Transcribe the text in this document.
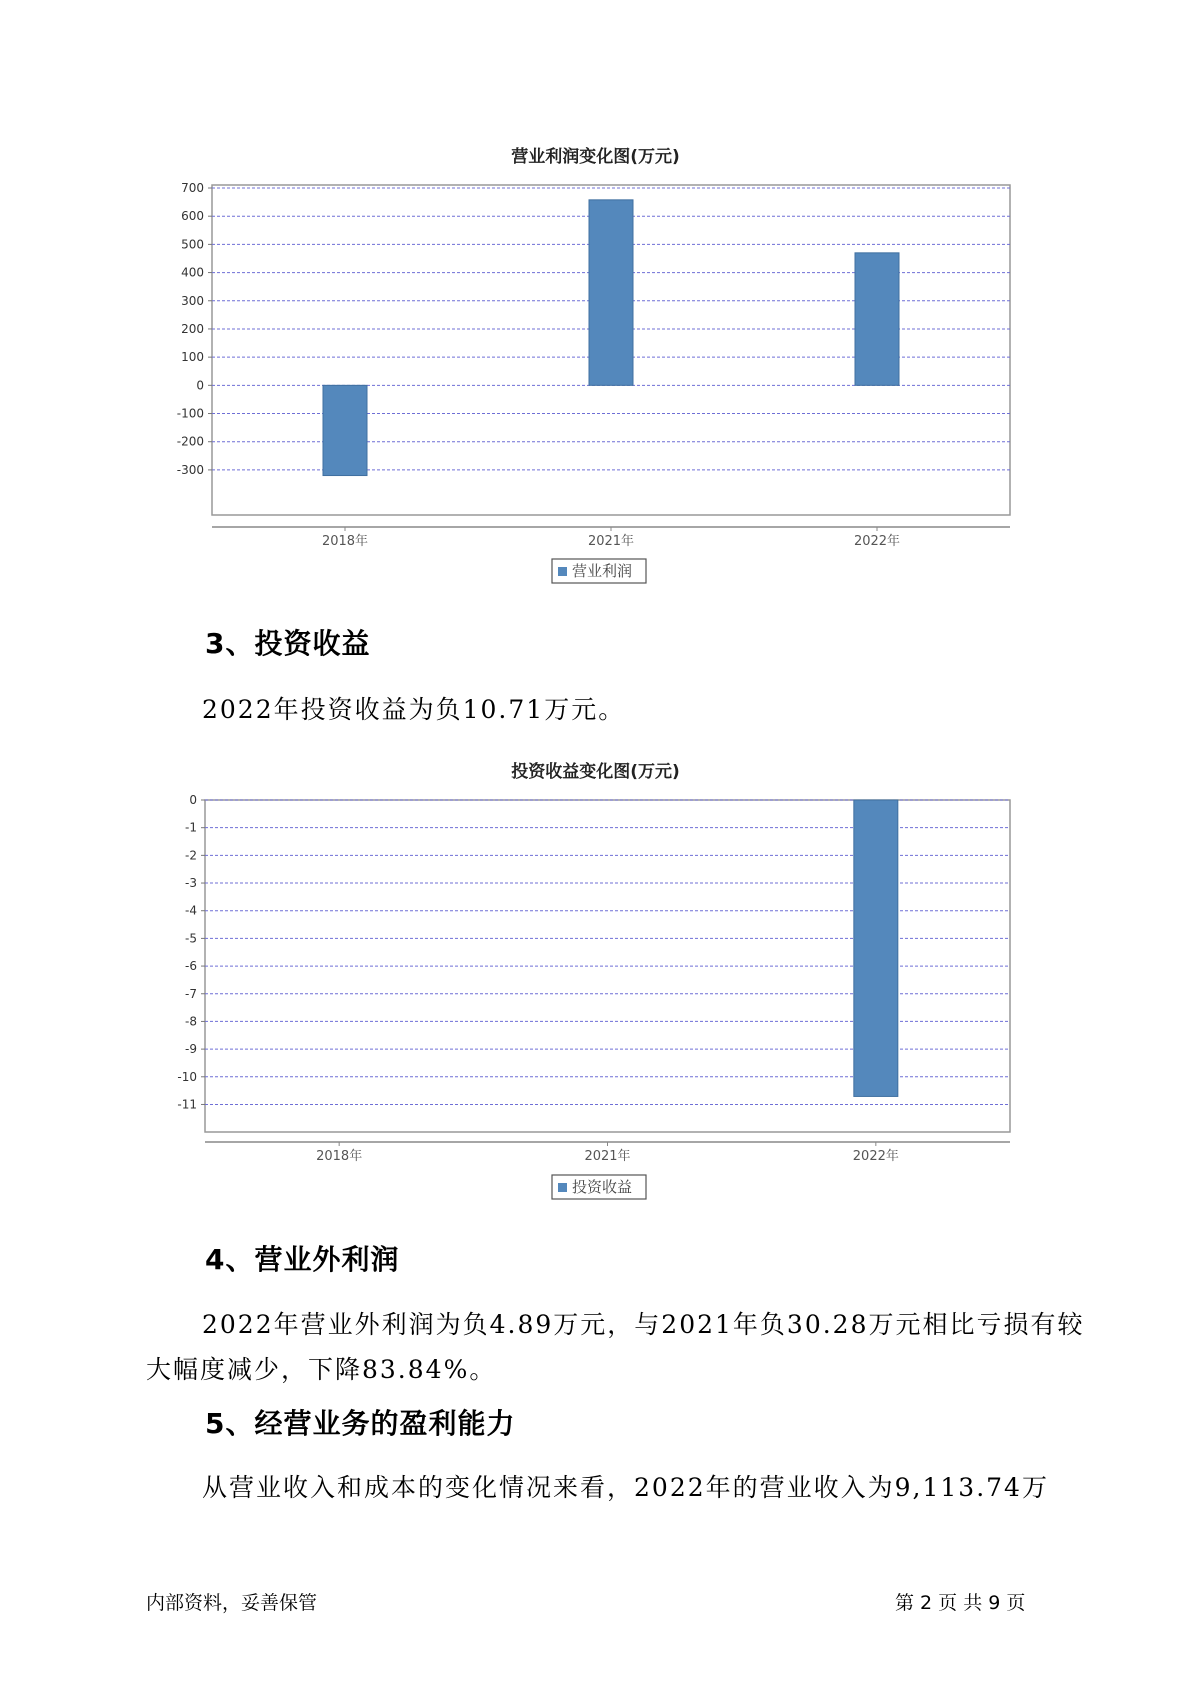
营业利润变化图(万元)
700
600
500
400
300
200
100
0
-100
-200
-300
2018年	2021年	2022年
营业利润
3、投资收益
2022年投资收益为负10.71万元。
投资收益变化图(万元)
0
-1
-2
-3
-4
-5
-6
-7
-8
-9
-10
-11
2018年	2021年	2022年
投资收益
4、营业外利润
2022年营业外利润为负4.89万元，与2021年负30.28万元相比亏损有较
大幅度减少，下降83.84%。
5、经营业务的盈利能力
从营业收入和成本的变化情况来看，2022年的营业收入为9,113.74万
内部资料，妥善保管	第 2 页 共 9 页
